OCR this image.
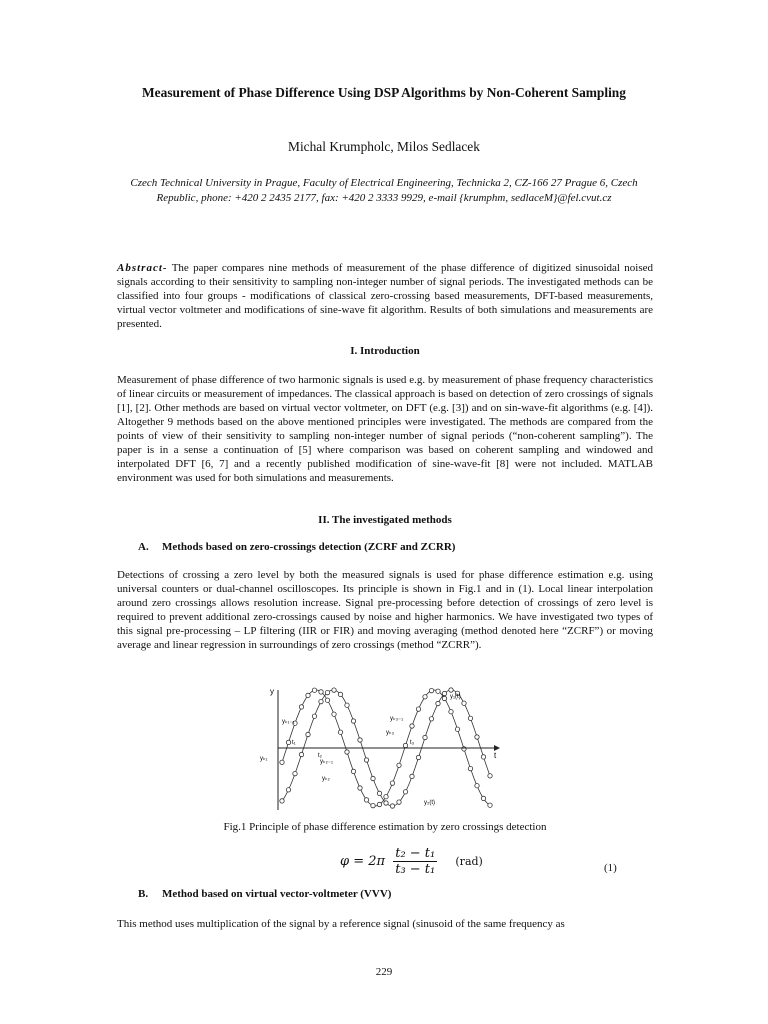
Measurement of Phase Difference Using DSP Algorithms by Non-Coherent Sampling
Michal Krumpholc, Milos Sedlacek
Czech Technical University in Prague, Faculty of Electrical Engineering, Technicka 2, CZ-166 27 Prague 6, Czech Republic, phone: +420 2 2435 2177, fax: +420 2 3333 9929, e-mail {krumphm, sedlaceM}@fel.cvut.cz
Abstract- The paper compares nine methods of measurement of the phase difference of digitized sinusoidal noised signals according to their sensitivity to sampling non-integer number of signal periods. The investigated methods can be classified into four groups - modifications of classical zero-crossing based measurements, DFT-based measurements, virtual vector voltmeter and modifications of sine-wave fit algorithm. Results of both simulations and measurements are presented.
I. Introduction
Measurement of phase difference of two harmonic signals is used e.g. by measurement of phase frequency characteristics of linear circuits or measurement of impedances. The classical approach is based on detection of zero crossings of signals [1], [2]. Other methods are based on virtual vector voltmeter, on DFT (e.g. [3]) and on sin-wave-fit algorithms (e.g. [4]). Altogether 9 methods based on the above mentioned principles were investigated. The methods are compared from the points of view of their sensitivity to sampling non-integer number of signal periods (“non-coherent sampling”). The paper is in a sense a continuation of [5] where comparison was based on coherent sampling and windowed and interpolated DFT [6, 7] and a recently published modification of sine-wave-fit [8] were not included. MATLAB environment was used for both simulations and measurements.
II. The investigated methods
A. Methods based on zero-crossings detection (ZCRF and ZCRR)
Detections of crossing a zero level by both the measured signals is used for phase difference estimation e.g. using universal counters or dual-channel oscilloscopes. Its principle is shown in Fig.1 and in (1). Local linear interpolation around zero crossings allows resolution increase. Signal pre-processing before detection of crossings of zero level is required to prevent additional zero-crossings caused by noise and higher harmonics. We have investigated two types of this signal pre-processing – LP filtering (IIR or FIR) and moving averaging (method denoted here “ZCRF”) or moving average and linear regression in surroundings of zero crossings (method “ZCRR”).
y
t
y₁(t)
y₂(t)
yₖ₁₋₁
yₖ₁	yₖ₂₋₁
yₖ₂
yₖ₃₋₁
yₖ₃
t₁
t₂
t₃
Fig.1 Principle of phase difference estimation by zero crossings detection
$\varphi = 2\pi \frac{\text{t₂ − t₁}}{\text{t₃ − t₁}} (rad)$	(1)
B. Method based on virtual vector-voltmeter (VVV)
This method uses multiplication of the signal by a reference signal (sinusoid of the same frequency as
229
